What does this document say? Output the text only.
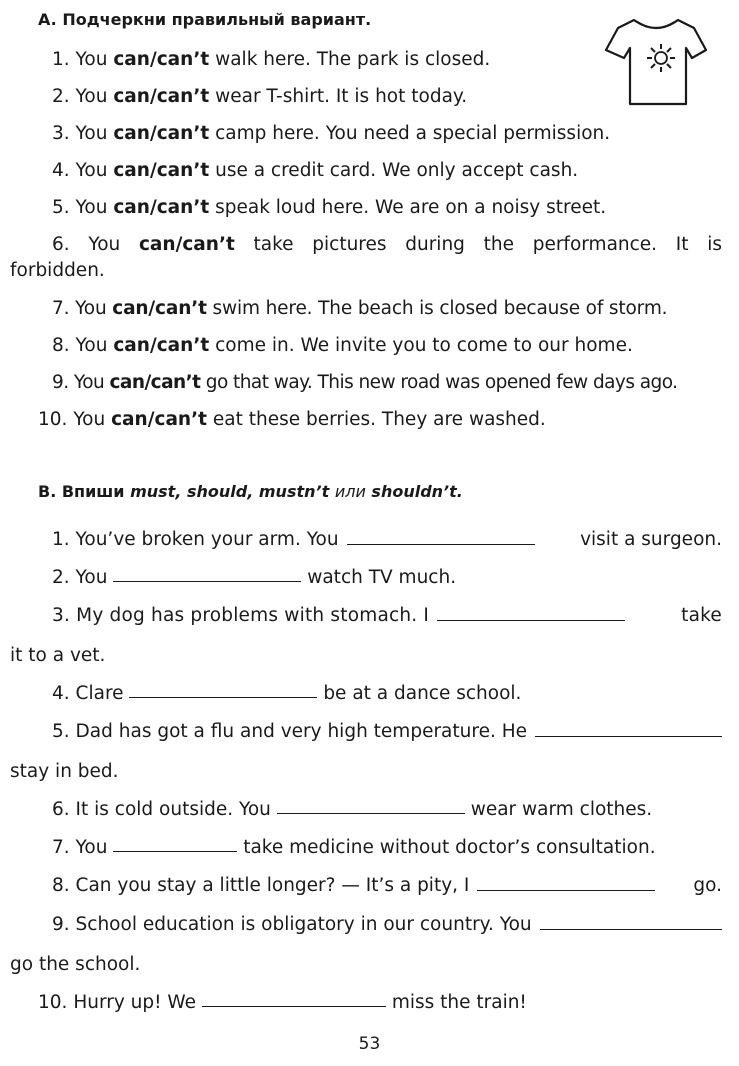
A. Подчеркни правильный вариант.
1. You can/can’t walk here. The park is closed.
2. You can/can’t wear T-shirt. It is hot today.
3. You can/can’t camp here. You need a special permission.
4. You can/can’t use a credit card. We only accept cash.
5. You can/can’t speak loud here. We are on a noisy street.
6. You can/can’t take pictures during the performance. It is
forbidden.
7. You can/can’t swim here. The beach is closed because of storm.
8. You can/can’t come in. We invite you to come to our home.
9. You can/can’t go that way. This new road was opened few days ago.
10. You can/can’t eat these berries. They are washed.
B. Впиши must, should, mustn’t или shouldn’t.
1. You’ve broken your arm. You	visit a surgeon.
2. You	watch TV much.
3. My dog has problems with stomach. I	take
it to a vet.
4. Clare	be at a dance school.
5. Dad has got a flu and very high temperature. He
stay in bed.
6. It is cold outside. You	wear warm clothes.
7. You	take medicine without doctor’s consultation.
8. Can you stay a little longer? — It’s a pity, I	go.
9. School education is obligatory in our country. You
go the school.
10. Hurry up! We	miss the train!
53
